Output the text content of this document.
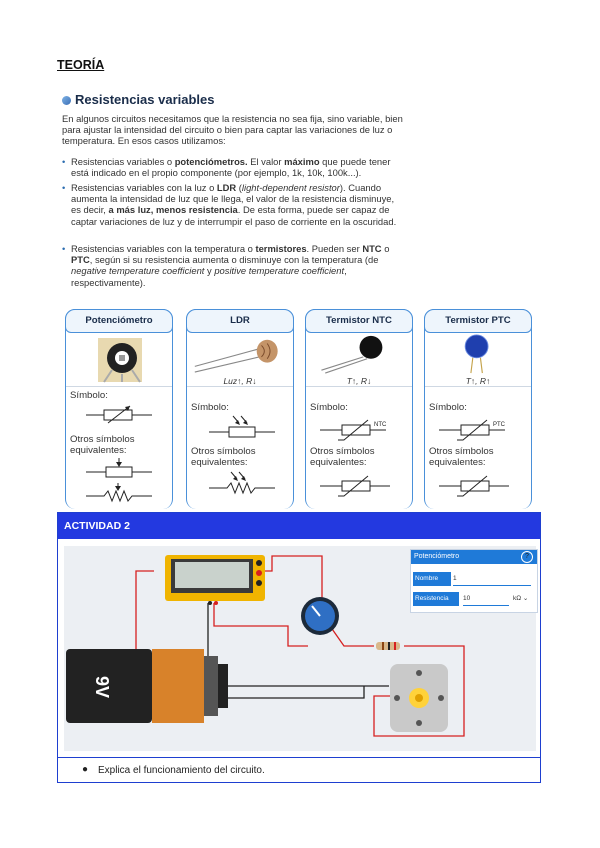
TEORÍA
Resistencias variables
En algunos circuitos necesitamos que la resistencia no sea fija, sino variable, bien para ajustar la intensidad del circuito o bien para captar las variaciones de luz o temperatura. En esos casos utilizamos:
• Resistencias variables o potenciómetros. El valor máximo que puede tener está indicado en el propio componente (por ejemplo, 1k, 10k, 100k...).
• Resistencias variables con la luz o LDR (light-dependent resistor). Cuando aumenta la intensidad de luz que le llega, el valor de la resistencia disminuye, es decir, a más luz, menos resistencia. De esta forma, puede ser capaz de captar variaciones de luz y de interrumpir el paso de corriente en la oscuridad.
• Resistencias variables con la temperatura o termistores. Pueden ser NTC o PTC, según si su resistencia aumenta o disminuye con la temperatura (de negative temperature coefficient y positive temperature coefficient, respectivamente).
Potenciómetro
Símbolo:
Otros símbolos equivalentes:
LDR
Luz↑, R↓
Símbolo:
Otros símbolos equivalentes:
Termistor NTC
T↑, R↓
Símbolo:
NTC
Otros símbolos equivalentes:
Termistor PTC
T↑, R↑
Símbolo:
PTC
Otros símbolos equivalentes:
ACTIVIDAD 2
9V
Potenciómetro	?
Nombre	1
Resistencia	10	kΩ ⌄
● Explica el funcionamiento del circuito.
